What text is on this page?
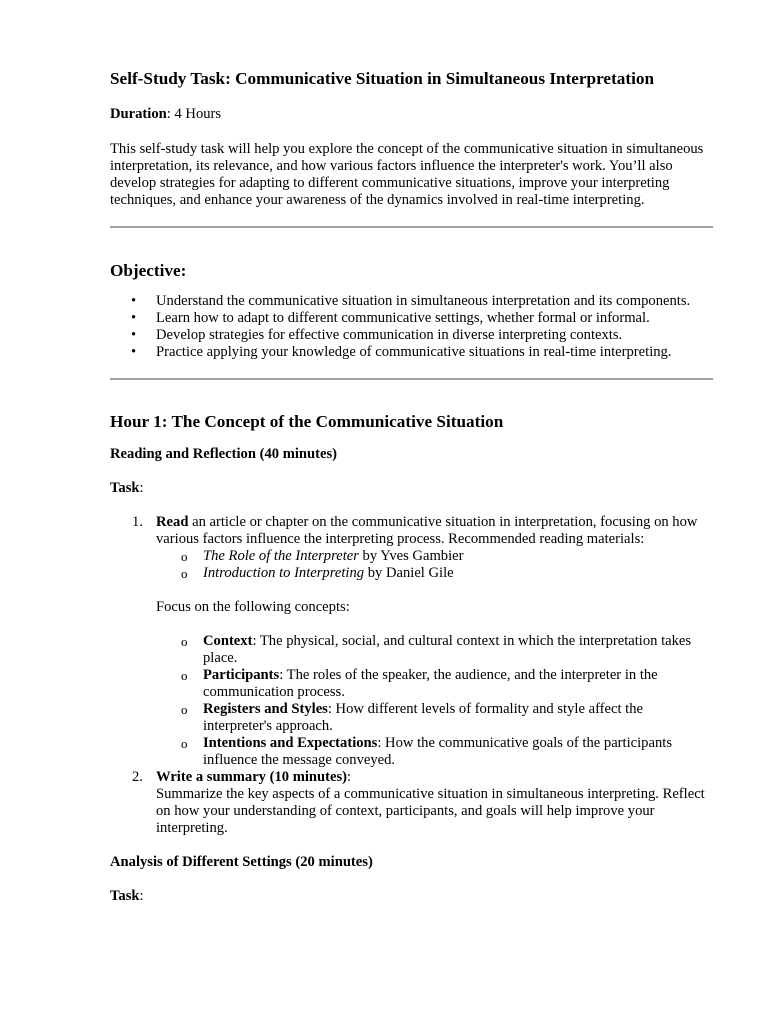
Self-Study Task: Communicative Situation in Simultaneous Interpretation

Duration: 4 Hours

This self-study task will help you explore the concept of the communicative situation in simultaneous interpretation, its relevance, and how various factors influence the interpreter's work. You’ll also develop strategies for adapting to different communicative situations, improve your interpreting techniques, and enhance your awareness of the dynamics involved in real-time interpreting.

Objective:
• Understand the communicative situation in simultaneous interpretation and its components.
• Learn how to adapt to different communicative settings, whether formal or informal.
• Develop strategies for effective communication in diverse interpreting contexts.
• Practice applying your knowledge of communicative situations in real-time interpreting.
Hour 1: The Concept of the Communicative Situation

Reading and Reflection (40 minutes)

Task:

1. Read an article or chapter on the communicative situation in interpretation, focusing on how various factors influence the interpreting process. Recommended reading materials:
o The Role of the Interpreter by Yves Gambier
o Introduction to Interpreting by Daniel Gile

Focus on the following concepts:

o Context: The physical, social, and cultural context in which the interpretation takes place.
o Participants: The roles of the speaker, the audience, and the interpreter in the communication process.
o Registers and Styles: How different levels of formality and style affect the interpreter's approach.
o Intentions and Expectations: How the communicative goals of the participants influence the message conveyed.
2. Write a summary (10 minutes):

Summarize the key aspects of a communicative situation in simultaneous interpreting. Reflect on how your understanding of context, participants, and goals will help improve your interpreting.

Analysis of Different Settings (20 minutes)

Task:
